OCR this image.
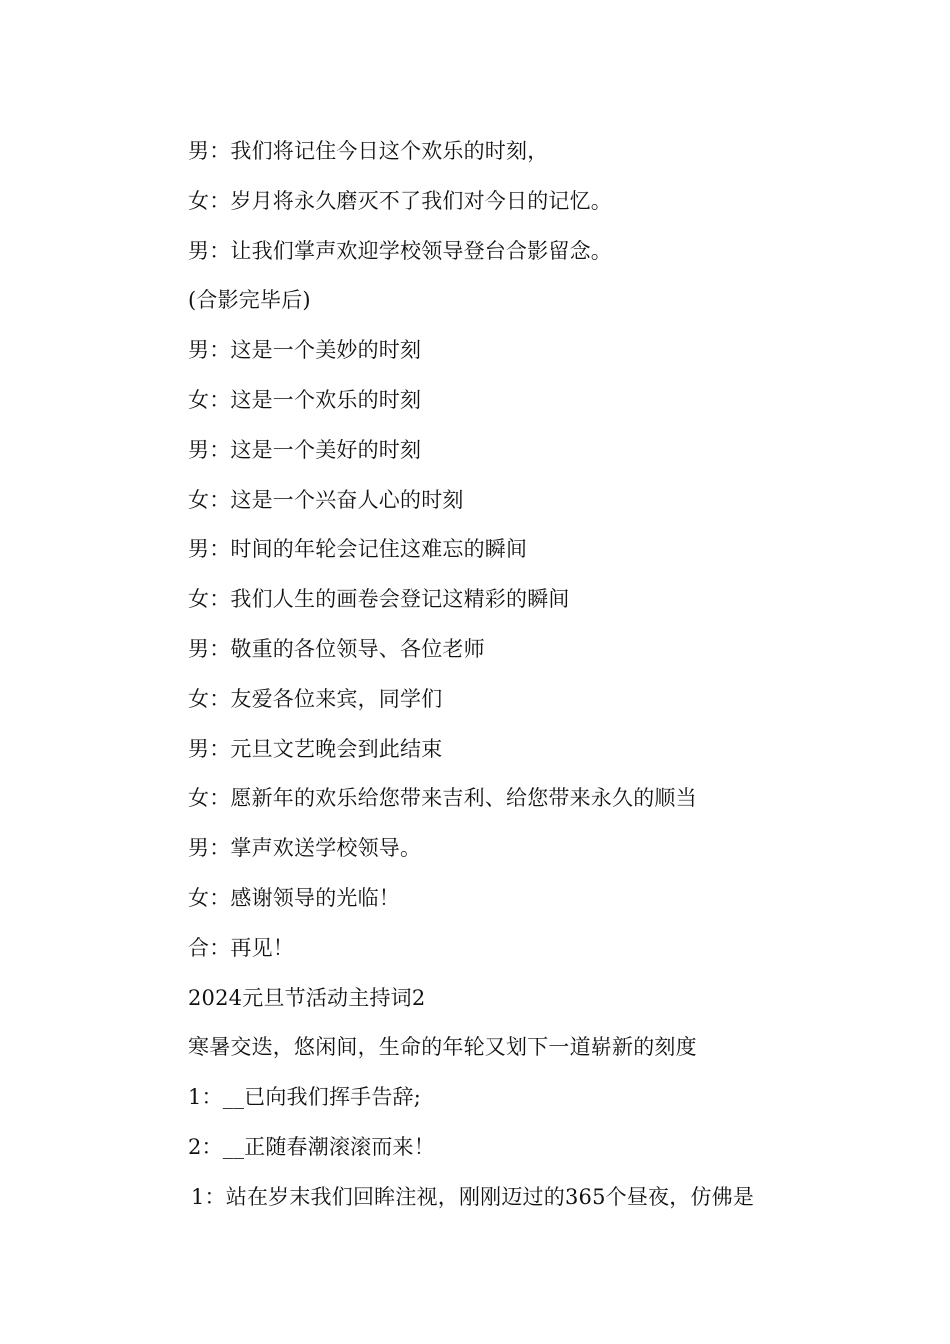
男：我们将记住今日这个欢乐的时刻，
女：岁月将永久磨灭不了我们对今日的记忆。
男：让我们掌声欢迎学校领导登台合影留念。
(合影完毕后)
男：这是一个美妙的时刻
女：这是一个欢乐的时刻
男：这是一个美好的时刻
女：这是一个兴奋人心的时刻
男：时间的年轮会记住这难忘的瞬间
女：我们人生的画卷会登记这精彩的瞬间
男：敬重的各位领导、各位老师
女：友爱各位来宾，同学们
男：元旦文艺晚会到此结束
女：愿新年的欢乐给您带来吉利、给您带来永久的顺当
男：掌声欢送学校领导。
女：感谢领导的光临！
合：再见！
2024元旦节活动主持词2
寒暑交迭，悠闲间，生命的年轮又划下一道崭新的刻度
1：__已向我们挥手告辞;
2：__正随春潮滚滚而来！
1：站在岁末我们回眸注视，刚刚迈过的365个昼夜，仿佛是
